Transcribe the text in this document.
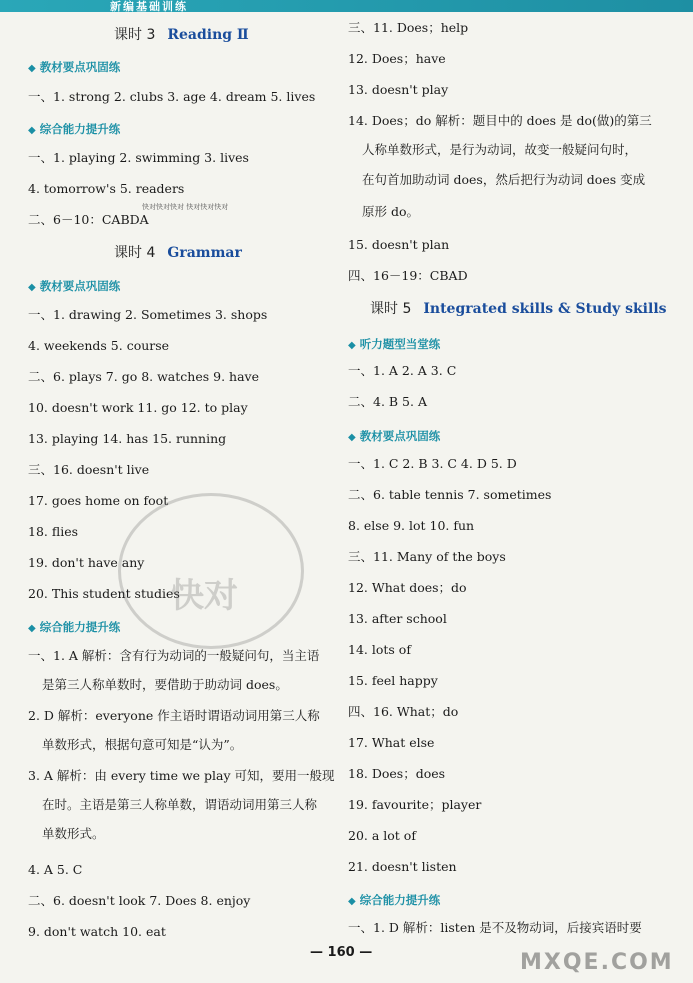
新编基础训练
课时 3 Reading Ⅱ
◆ 教材要点巩固练
一、1. strong 2. clubs 3. age 4. dream 5. lives
◆ 综合能力提升练
一、1. playing 2. swimming 3. lives
4. tomorrow's 5. readers
二、6－10：CABDA
课时 4 Grammar
◆ 教材要点巩固练
一、1. drawing 2. Sometimes 3. shops
4. weekends 5. course
二、6. plays 7. go 8. watches 9. have
10. doesn't work 11. go 12. to play
13. playing 14. has 15. running
三、16. doesn't live
17. goes home on foot
18. flies
19. don't have any
20. This student studies
◆ 综合能力提升练
一、1. A 解析：含有行为动词的一般疑问句，当主语
是第三人称单数时，要借助于助动词 does。
2. D 解析：everyone 作主语时谓语动词用第三人称
单数形式，根据句意可知是“认为”。
3. A 解析：由 every time we play 可知，要用一般现
在时。主语是第三人称单数，谓语动词用第三人称
单数形式。
4. A 5. C
二、6. doesn't look 7. Does 8. enjoy
9. don't watch 10. eat
三、11. Does；help
12. Does；have
13. doesn't play
14. Does；do 解析：题目中的 does 是 do(做)的第三
人称单数形式，是行为动词，故变一般疑问句时，
在句首加助动词 does，然后把行为动词 does 变成
原形 do。
15. doesn't plan
四、16－19：CBAD
课时 5 Integrated skills & Study skills
◆ 听力题型当堂练
一、1. A 2. A 3. C
二、4. B 5. A
◆ 教材要点巩固练
一、1. C 2. B 3. C 4. D 5. D
二、6. table tennis 7. sometimes
8. else 9. lot 10. fun
三、11. Many of the boys
12. What does；do
13. after school
14. lots of
15. feel happy
四、16. What；do
17. What else
18. Does；does
19. favourite；player
20. a lot of
21. doesn't listen
◆ 综合能力提升练
一、1. D 解析：listen 是不及物动词，后接宾语时要
快对快对快对 快对快对快对
快对
— 160 —	MXQE.COM
